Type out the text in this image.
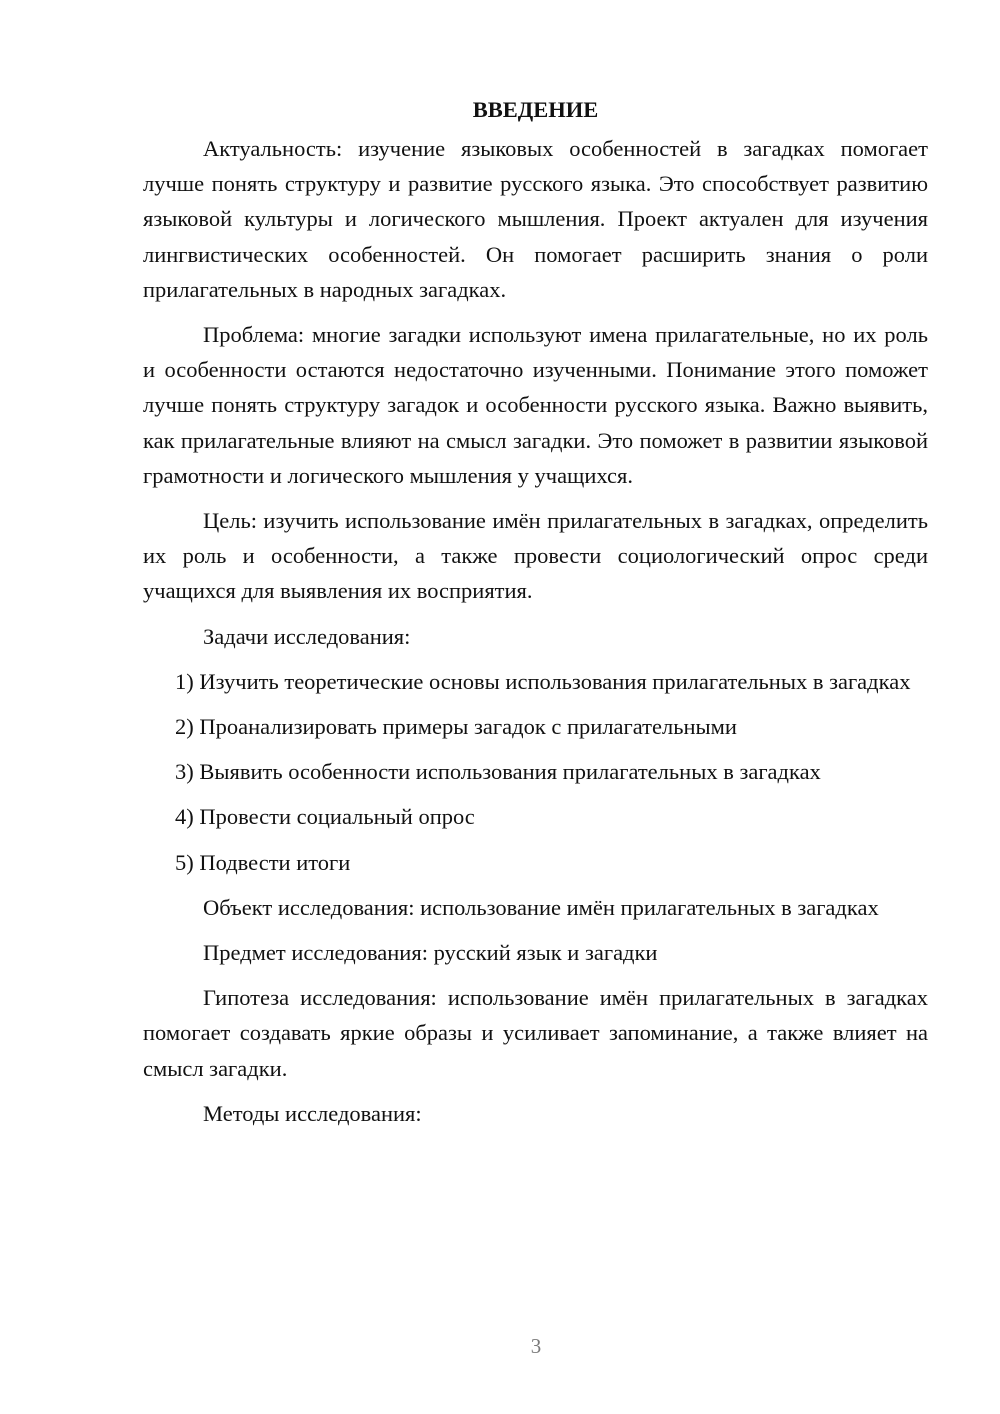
ВВЕДЕНИЕ

Актуальность: изучение языковых особенностей в загадках помогает лучше понять структуру и развитие русского языка. Это способствует развитию языковой культуры и логического мышления. Проект актуален для изучения лингвистических особенностей. Он помогает расширить знания о роли прилагательных в народных загадках.

Проблема: многие загадки используют имена прилагательные, но их роль и особенности остаются недостаточно изученными. Понимание этого поможет лучше понять структуру загадок и особенности русского языка. Важно выявить, как прилагательные влияют на смысл загадки. Это поможет в развитии языковой грамотности и логического мышления у учащихся.

Цель: изучить использование имён прилагательных в загадках, определить их роль и особенности, а также провести социологический опрос среди учащихся для выявления их восприятия.

Задачи исследования:

1) Изучить теоретические основы использования прилагательных в загадках

2) Проанализировать примеры загадок с прилагательными

3) Выявить особенности использования прилагательных в загадках

4) Провести социальный опрос

5) Подвести итоги

Объект исследования: использование имён прилагательных в загадках

Предмет исследования: русский язык и загадки

Гипотеза исследования: использование имён прилагательных в загадках помогает создавать яркие образы и усиливает запоминание, а также влияет на смысл загадки.

Методы исследования:

3
